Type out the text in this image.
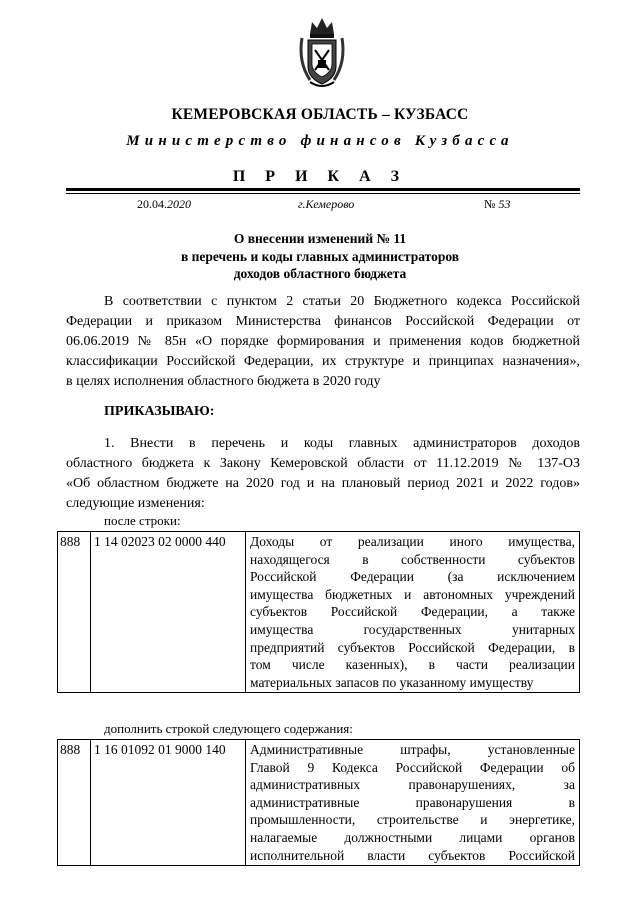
КЕМЕРОВСКАЯ ОБЛАСТЬ – КУЗБАСС
Министерство финансов Кузбасса
П Р И К А З
20.04.2020	г.Кемерово	№ 53
О внесении изменений № 11
в перечень и коды главных администраторов
доходов областного бюджета
В соответствии с пунктом 2 статьи 20 Бюджетного кодекса Российской
Федерации и приказом Министерства финансов Российской Федерации от
06.06.2019 № 85н «О порядке формирования и применения кодов бюджетной
классификации Российской Федерации, их структуре и принципах назначения»,
в целях исполнения областного бюджета в 2020 году
ПРИКАЗЫВАЮ:
1. Внести в перечень и коды главных администраторов доходов
областного бюджета к Закону Кемеровской области от 11.12.2019 № 137-ОЗ
«Об областном бюджете на 2020 год и на плановый период 2021 и 2022 годов»
следующие изменения:
после строки:
888	1 14 02023 02 0000 440	Доходы от реализации иного имущества,
находящегося в собственности субъектов
Российской Федерации (за исключением
имущества бюджетных и автономных учреждений
субъектов Российской Федерации, а также
имущества государственных унитарных
предприятий субъектов Российской Федерации, в
том числе казенных), в части реализации
материальных запасов по указанному имуществу
дополнить строкой следующего содержания:
888	1 16 01092 01 9000 140	Административные штрафы, установленные
Главой 9 Кодекса Российской Федерации об
административных правонарушениях, за
административные правонарушения в
промышленности, строительстве и энергетике,
налагаемые должностными лицами органов
исполнительной власти субъектов Российской
